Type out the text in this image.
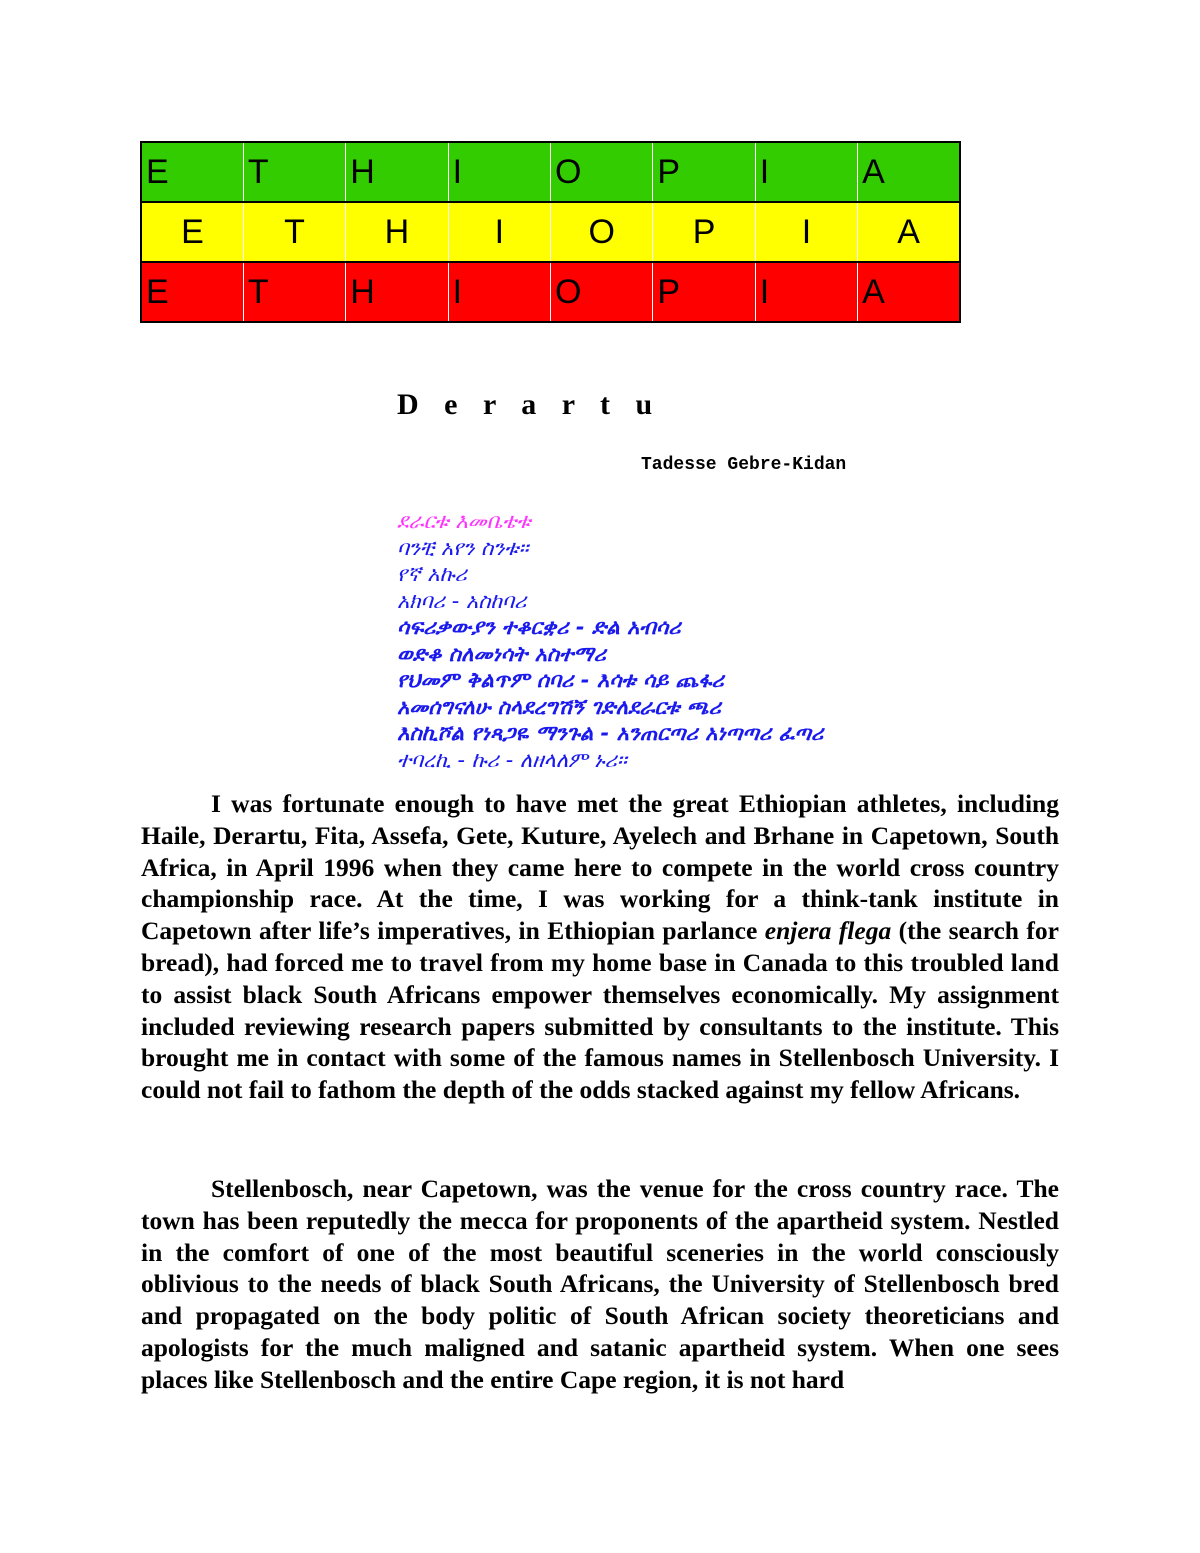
E	T	H	I	O	P	I	A
E	T	H	I	O	P	I	A
E	T	H	I	O	P	I	A
D e r a r t u
Tadesse Gebre-Kidan
ደራርቱ እመቤቴቱ
ባንቺ አየን ስንቱ፡፡
የኛ አኩሪ
አክባሪ - አስከባሪ
ሳፍሪቃውያን ተቆርቋሪ - ድል አብሳሪ
ወድቆ ስለመነሳት አስተማሪ
የህመም ቅልጥም ሰባሪ - እሳቱ ሳይ ጨፋሪ
አመሰግናለሁ ስላደረግሽኝ ገድለደራርቱ ጫሪ
እስኪሾል የነጻጋዬ ማንጉል - አንጠርጣሪ አነጣጣሪ ፈጣሪ
ተባረኪ - ኩሪ - ለዘላለም ኑሪ፡፡

I was fortunate enough to have met the great Ethiopian athletes, including Haile, Derartu, Fita, Assefa, Gete, Kuture, Ayelech and Brhane in Capetown, South Africa, in April 1996 when they came here to compete in the world cross country championship race. At the time, I was working for a think-tank institute in Capetown after life’s imperatives, in Ethiopian parlance enjera flega (the search for bread), had forced me to travel from my home base in Canada to this troubled land to assist black South Africans empower themselves economically. My assignment included reviewing research papers submitted by consultants to the institute. This brought me in contact with some of the famous names in Stellenbosch University. I could not fail to fathom the depth of the odds stacked against my fellow Africans.

Stellenbosch, near Capetown, was the venue for the cross country race. The town has been reputedly the mecca for proponents of the apartheid system. Nestled in the comfort of one of the most beautiful sceneries in the world consciously oblivious to the needs of black South Africans, the University of Stellenbosch bred and propagated on the body politic of South African society theoreticians and apologists for the much maligned and satanic apartheid system. When one sees places like Stellenbosch and the entire Cape region, it is not hard
